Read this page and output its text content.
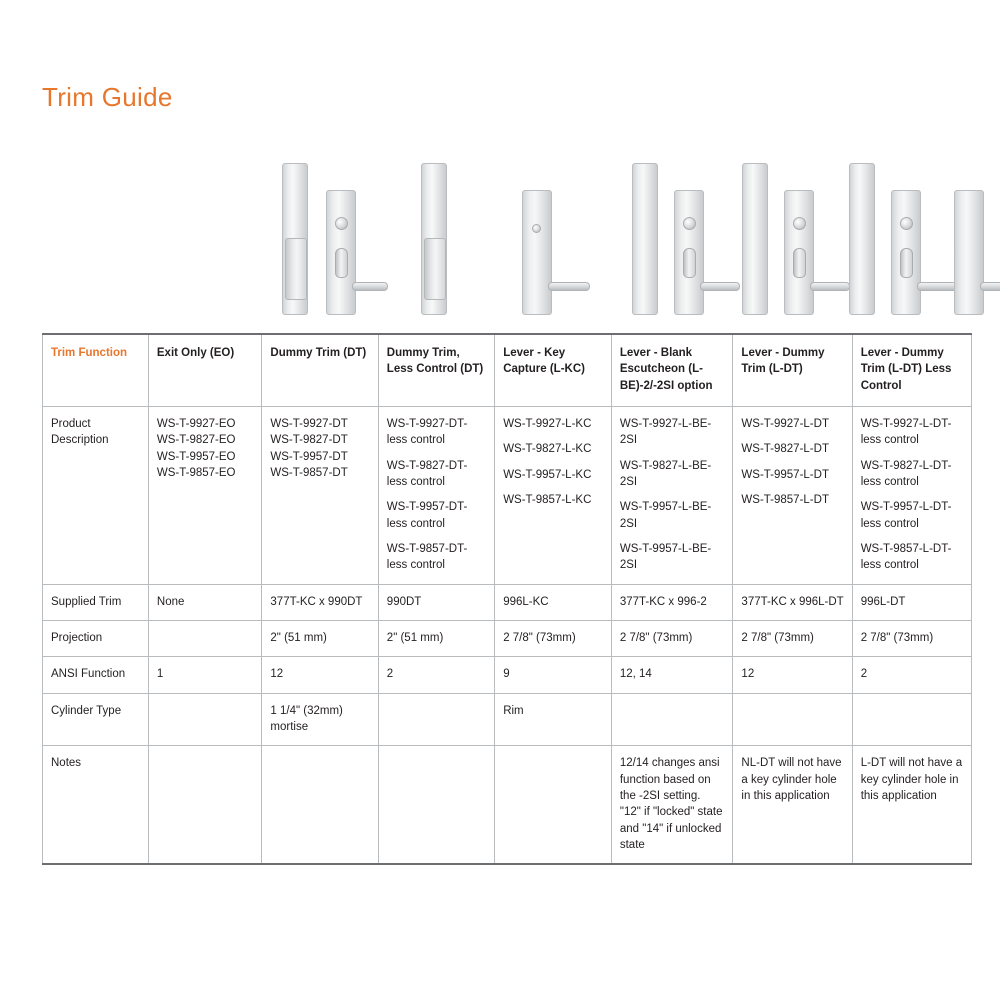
Trim Guide
Trim Function	Exit Only (EO)	Dummy Trim (DT)	Dummy Trim, Less Control (DT)	Lever - Key Capture (L-KC)	Lever - Blank Escutcheon (L-BE)-2/-2SI option	Lever - Dummy Trim (L-DT)	Lever - Dummy Trim (L-DT) Less Control
Product Description	WS-T-9927-EO
WS-T-9827-EO
WS-T-9957-EO
WS-T-9857-EO	WS-T-9927-DT
WS-T-9827-DT
WS-T-9957-DT
WS-T-9857-DT	WS-T-9927-DT-less control
WS-T-9827-DT-less control
WS-T-9957-DT-less control
WS-T-9857-DT-less control	WS-T-9927-L-KC
WS-T-9827-L-KC
WS-T-9957-L-KC
WS-T-9857-L-KC	WS-T-9927-L-BE-2SI
WS-T-9827-L-BE-2SI
WS-T-9957-L-BE-2SI
WS-T-9957-L-BE-2SI	WS-T-9927-L-DT
WS-T-9827-L-DT
WS-T-9957-L-DT
WS-T-9857-L-DT	WS-T-9927-L-DT-less control
WS-T-9827-L-DT-less control
WS-T-9957-L-DT-less control
WS-T-9857-L-DT-less control

Supplied Trim	None	377T-KC x 990DT	990DT	996L-KC	377T-KC x 996-2	377T-KC x 996L-DT	996L-DT
Projection		2" (51 mm)	2" (51 mm)	2 7/8" (73mm)	2 7/8" (73mm)	2 7/8" (73mm)	2 7/8" (73mm)
ANSI Function	1	12	2	9	12, 14	12	2
Cylinder Type		1 1/4" (32mm) mortise		Rim			
Notes					12/14 changes ansi function based on the -2SI setting. "12" if "locked" state and "14" if unlocked state	NL-DT will not have a key cylinder hole in this application	L-DT will not have a key cylinder hole in this application
